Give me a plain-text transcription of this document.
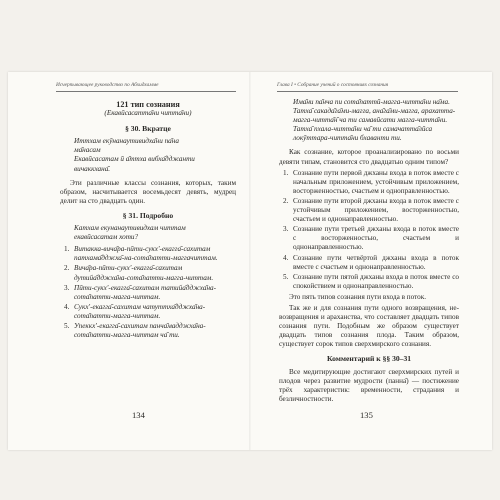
Исчерпывающее руководство по Абхидхамме
121 тип сознания
(Екавӣсасатта̄ни читта̄ни)
§ 30. Вкратце
Иттхам екӯнанаутивидха̄ни па̄на
ма̄насам
Екавӣсасатам ӣ а̄ттха вибха̄дджанти
вичаккхана̄.
Эти различные классы сознания, которых, таким образом, насчитывается восемьдесят девять, мудрец делит на сто двадцать один.
§ 31. Подробно
Катхам екунанаутивидхам читтам
екавӣсасатам хоти?
1. Витакка-вича̄ра-пӣти-сукх'-екагга̄-сахитам патхама̄дджха̄-на-сота̄патти-маггачиттам.
2. Вича̄ра-пӣти-сукх'-екагга̄-сахитам дутийа̄дджха̄на-сота̄патти-магга-читтам.
3. Пӣти-сукх'-екагга̄-сахитам татийа̄дджха̄на-сота̄патти-магга-читтам.
4. Сукх'-екагга̄-сахитам чатуттха̄дджха̄на-сота̄патти-магга-читтам.
5. Упеккх'-екагга̄-сахитам панча̄мадджха̄на-сота̄патти-магга-читтам ча̄ ти.
134
Глава I • Собрание учений о состояниях сознания
Има̄ни па̄нча пи сота̄паттӣ-магга-читта̄ни на̄ма. Татха̄ сакада̄га̄ми-магга, ана̄га̄ми-магга, арахатта-магга-читта̄н̄ чa ти самавӣсати магга-читта̄ни. Татха̄ пхала-читта̄ни ча̄ ти самачатта̄лӣса локӯттара-читта̄ни бхаванти ти.
Как сознание, которое проанализировано по восьми девяти типам, становится сто двадцатью одним типом?
1. Сознание пути первой джханы входа в поток вместе с начальным приложением, устойчивым приложением, восторженностью, счастьем и одноправленностью.
2. Сознание пути второй джханы входа в поток вместе с устойчивым приложением, восторженностью, счастьем и однонаправленностью.
3. Сознание пути третьей джханы входа в поток вместе с восторженностью, счастьем и однонаправленностью.
4. Сознание пути четвёртой джханы входа в поток вместе с счастьем и однонаправленностью.
5. Сознание пути пятой джханы входа в поток вместе со спокойствием и однонаправленностью.
Это пять типов сознания пути входа в поток.
Так же и для сознания пути одного возвращения, не-возвращения и араханства, что составляет двадцать типов сознания пути. Подобным же образом существует двадцать типов сознания плода. Таким образом, существует сорок типов сверхмирского сознания.
Комментарий к §§ 30–31
Все медитирующие достигают сверхмирских путей и плодов через развитие мудрости (панна̄) — постижение трёх характеристик: временности, страдания и безличностности.
135
